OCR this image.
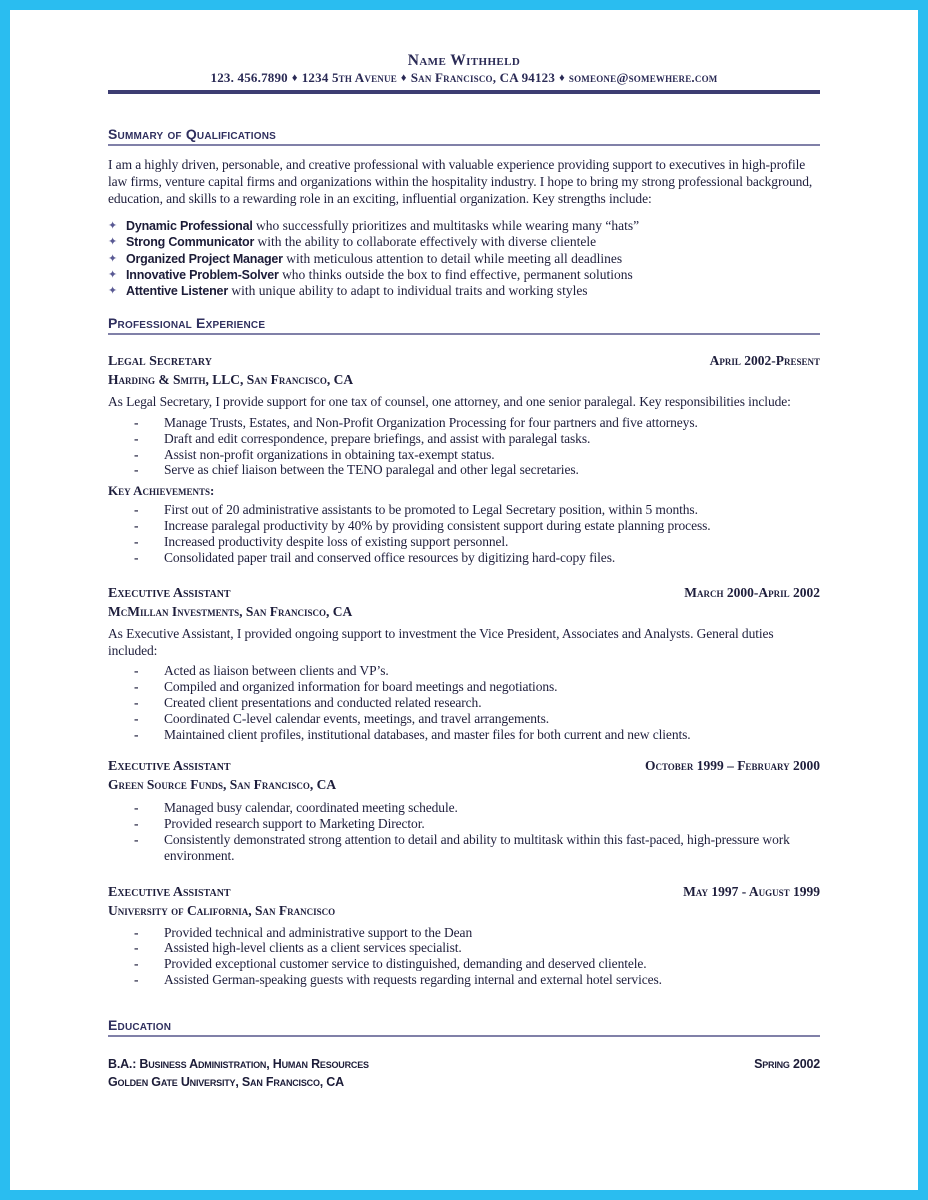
Name Withheld
123. 456.7890 ♦ 1234 5th Avenue ♦ San Francisco, CA 94123 ♦ someone@somewhere.com
Summary of Qualifications

I am a highly driven, personable, and creative professional with valuable experience providing support to executives in high-profile law firms, venture capital firms and organizations within the hospitality industry. I hope to bring my strong professional background, education, and skills to a rewarding role in an exciting, influential organization. Key strengths include:

✦ Dynamic Professional who successfully prioritizes and multitasks while wearing many “hats”
✦ Strong Communicator with the ability to collaborate effectively with diverse clientele
✦ Organized Project Manager with meticulous attention to detail while meeting all deadlines
✦ Innovative Problem-Solver who thinks outside the box to find effective, permanent solutions
✦ Attentive Listener with unique ability to adapt to individual traits and working styles
Professional Experience
Legal Secretary	April 2002-Present
Harding & Smith, LLC, San Francisco, CA

As Legal Secretary, I provide support for one tax of counsel, one attorney, and one senior paralegal. Key responsibilities include:

- Manage Trusts, Estates, and Non-Profit Organization Processing for four partners and five attorneys.
- Draft and edit correspondence, prepare briefings, and assist with paralegal tasks.
- Assist non-profit organizations in obtaining tax-exempt status.
- Serve as chief liaison between the TENO paralegal and other legal secretaries.
Key Achievements:
- First out of 20 administrative assistants to be promoted to Legal Secretary position, within 5 months.
- Increase paralegal productivity by 40% by providing consistent support during estate planning process.
- Increased productivity despite loss of existing support personnel.
- Consolidated paper trail and conserved office resources by digitizing hard-copy files.
Executive Assistant	March 2000-April 2002
McMillan Investments, San Francisco, CA

As Executive Assistant, I provided ongoing support to investment the Vice President, Associates and Analysts. General duties included:

- Acted as liaison between clients and VP’s.
- Compiled and organized information for board meetings and negotiations.
- Created client presentations and conducted related research.
- Coordinated C-level calendar events, meetings, and travel arrangements.
- Maintained client profiles, institutional databases, and master files for both current and new clients.
Executive Assistant	October 1999 – February 2000
Green Source Funds, San Francisco, CA
- Managed busy calendar, coordinated meeting schedule.
- Provided research support to Marketing Director.
- Consistently demonstrated strong attention to detail and ability to multitask within this fast-paced, high-pressure work environment.
Executive Assistant	May 1997 - August 1999
University of California, San Francisco
- Provided technical and administrative support to the Dean
- Assisted high-level clients as a client services specialist.
- Provided exceptional customer service to distinguished, demanding and deserved clientele.
- Assisted German-speaking guests with requests regarding internal and external hotel services.
Education
B.A.: Business Administration, Human Resources	Spring 2002
Golden Gate University, San Francisco, CA
